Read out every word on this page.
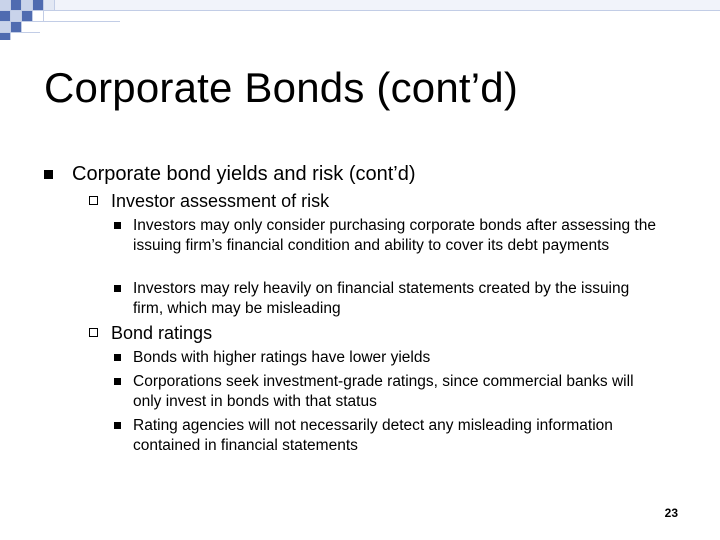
Corporate Bonds (cont’d)
Corporate bond yields and risk (cont’d)
Investor assessment of risk
Investors may only consider purchasing corporate bonds after assessing the issuing firm’s financial condition and ability to cover its debt payments
Investors may rely heavily on financial statements created by the issuing firm, which may be misleading
Bond ratings
Bonds with higher ratings have lower yields
Corporations seek investment-grade ratings, since commercial banks will only invest in bonds with that status
Rating agencies will not necessarily detect any misleading information contained in financial statements
23
